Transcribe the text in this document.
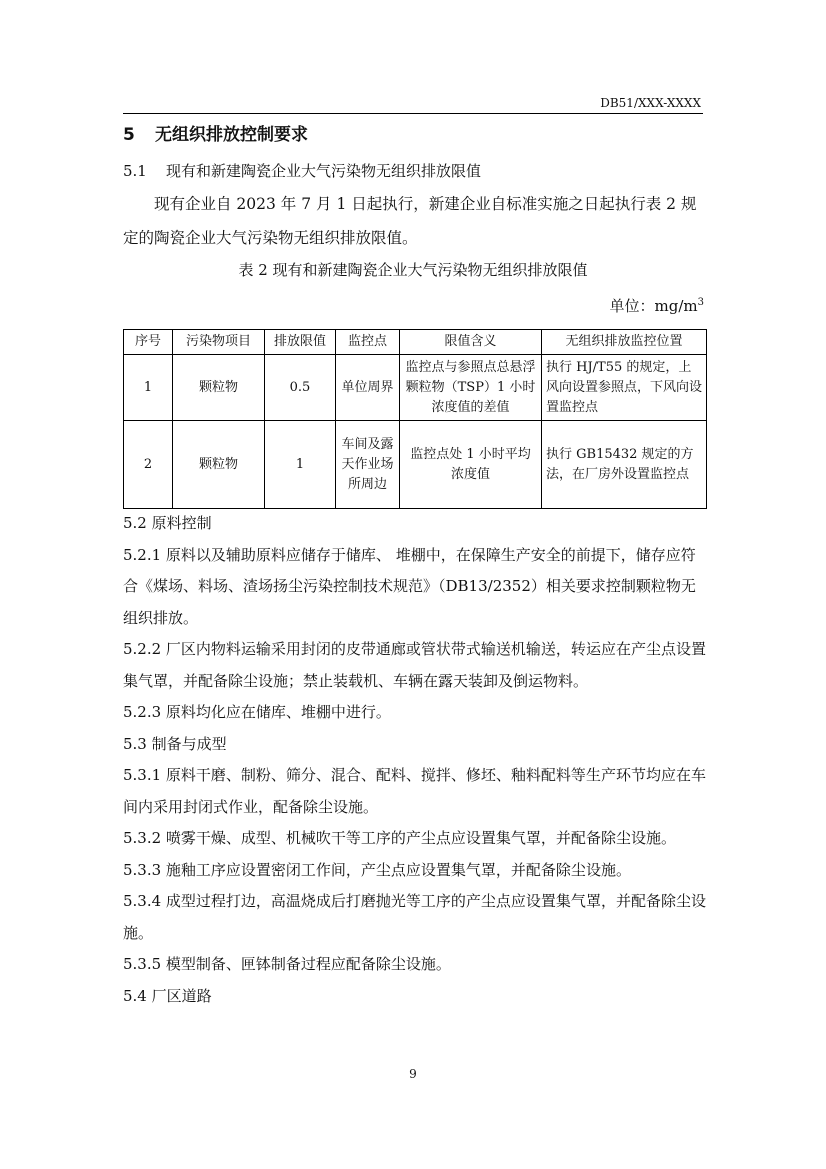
DB51/XXX-XXXX
5 无组织排放控制要求
5.1 现有和新建陶瓷企业大气污染物无组织排放限值

现有企业自 2023 年 7 月 1 日起执行，新建企业自标准实施之日起执行表 2 规定的陶瓷企业大气污染物无组织排放限值。

表 2 现有和新建陶瓷企业大气污染物无组织排放限值
单位：$mg/m^3$
序号	污染物项目	排放限值	监控点	限值含义	无组织排放监控位置
1	颗粒物	0.5	单位周界	监控点与参照点总悬浮颗粒物（TSP）1 小时浓度值的差值	执行 HJ/T55 的规定，上风向设置参照点，下风向设置监控点
2	颗粒物	1	车间及露天作业场所周边	监控点处 1 小时平均浓度值	执行 GB15432 规定的方法，在厂房外设置监控点
5.2 原料控制
5.2.1 原料以及辅助原料应储存于储库、 堆棚中，在保障生产安全的前提下，储存应符合《煤场、料场、渣场扬尘污染控制技术规范》（DB13/2352）相关要求控制颗粒物无组织排放。
5.2.2 厂区内物料运输采用封闭的皮带通廊或管状带式输送机输送，转运应在产尘点设置集气罩，并配备除尘设施；禁止装载机、车辆在露天装卸及倒运物料。
5.2.3 原料均化应在储库、堆棚中进行。
5.3 制备与成型
5.3.1 原料干磨、制粉、筛分、混合、配料、搅拌、修坯、釉料配料等生产环节均应在车间内采用封闭式作业，配备除尘设施。
5.3.2 喷雾干燥、成型、机械吹干等工序的产尘点应设置集气罩，并配备除尘设施。
5.3.3 施釉工序应设置密闭工作间，产尘点应设置集气罩，并配备除尘设施。
5.3.4 成型过程打边，高温烧成后打磨抛光等工序的产尘点应设置集气罩，并配备除尘设施。
5.3.5 模型制备、匣钵制备过程应配备除尘设施。
5.4 厂区道路
9
